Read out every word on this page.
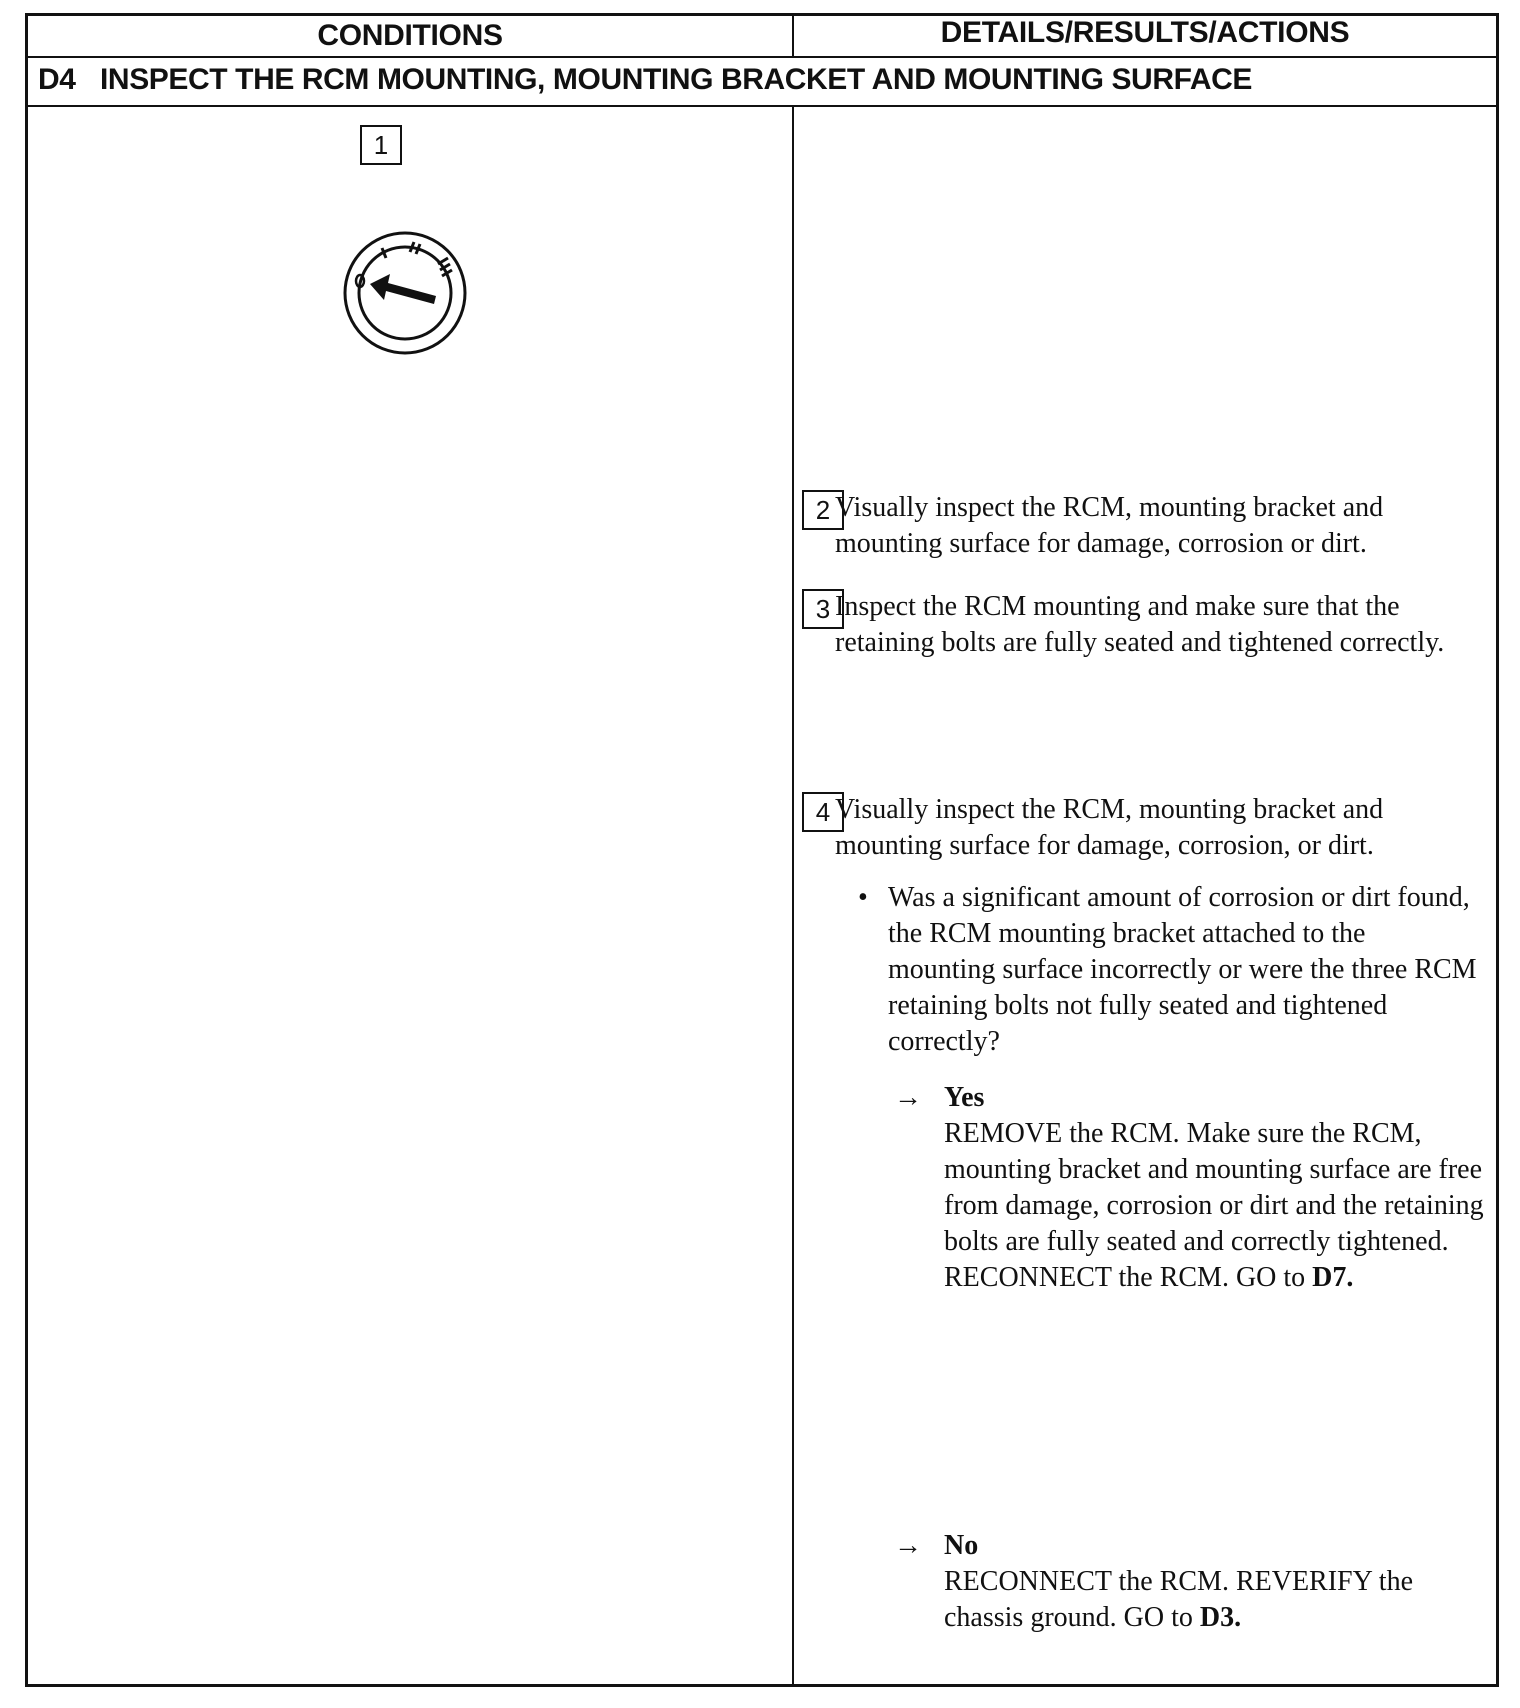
CONDITIONS	DETAILS/RESULTS/ACTIONS
D4 INSPECT THE RCM MOUNTING, MOUNTING BRACKET AND MOUNTING SURFACE
1
2 Visually inspect the RCM, mounting bracket and mounting surface for damage, corrosion or dirt.
3 Inspect the RCM mounting and make sure that the retaining bolts are fully seated and tightened correctly.
4 Visually inspect the RCM, mounting bracket and mounting surface for damage, corrosion, or dirt.
• Was a significant amount of corrosion or dirt found, the RCM mounting bracket attached to the mounting surface incorrectly or were the three RCM retaining bolts not fully seated and tightened correctly?
→ Yes
REMOVE the RCM. Make sure the RCM, mounting bracket and mounting surface are free from damage, corrosion or dirt and the retaining bolts are fully seated and correctly tightened. RECONNECT the RCM. GO to D7.
→ No
RECONNECT the RCM. REVERIFY the chassis ground. GO to D3.
